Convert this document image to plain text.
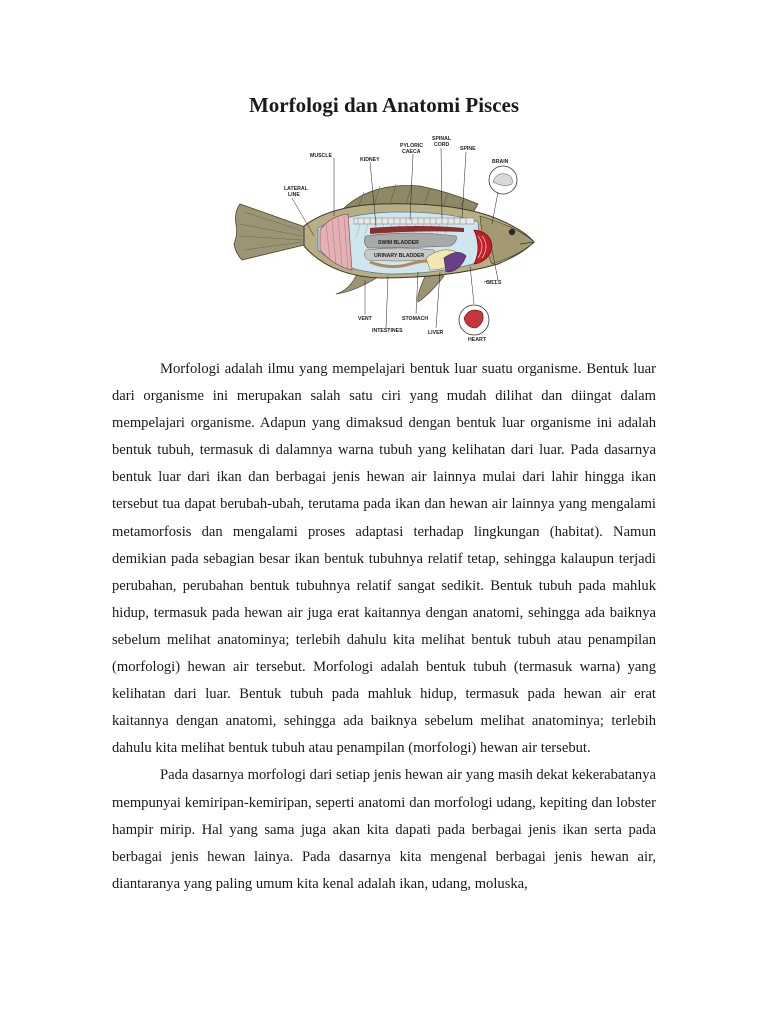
Morfologi dan Anatomi Pisces
SWIM BLADDER
URINARY BLADDER
MUSCLE
KIDNEY
PYLORIC
CAECA
SPINAL
CORD
SPINE
BRAIN
LATERAL
LINE
GILLS
VENT
INTESTINES
STOMACH
LIVER
HEART

Morfologi adalah ilmu yang mempelajari bentuk luar suatu organisme. Bentuk luar dari organisme ini merupakan salah satu ciri yang mudah dilihat dan diingat dalam mempelajari organisme. Adapun yang dimaksud dengan bentuk luar organisme ini adalah bentuk tubuh, termasuk di dalamnya warna tubuh yang kelihatan dari luar. Pada dasarnya bentuk luar dari ikan dan berbagai jenis hewan air lainnya mulai dari lahir hingga ikan tersebut tua dapat berubah-ubah, terutama pada ikan dan hewan air lainnya yang mengalami metamorfosis dan mengalami proses adaptasi terhadap lingkungan (habitat). Namun demikian pada sebagian besar ikan bentuk tubuhnya relatif tetap, sehingga kalaupun terjadi perubahan, perubahan bentuk tubuhnya relatif sangat sedikit. Bentuk tubuh pada mahluk hidup, termasuk pada hewan air juga erat kaitannya dengan anatomi, sehingga ada baiknya sebelum melihat anatominya; terlebih dahulu kita melihat bentuk tubuh atau penampilan (morfologi) hewan air tersebut. Morfologi adalah bentuk tubuh (termasuk warna) yang kelihatan dari luar. Bentuk tubuh pada mahluk hidup, termasuk pada hewan air erat kaitannya dengan anatomi, sehingga ada baiknya sebelum melihat anatominya; terlebih dahulu kita melihat bentuk tubuh atau penampilan (morfologi) hewan air tersebut.

Pada dasarnya morfologi dari setiap jenis hewan air yang masih dekat kekerabatanya mempunyai kemiripan-kemiripan, seperti anatomi dan morfologi udang, kepiting dan lobster hampir mirip. Hal yang sama juga akan kita dapati pada berbagai jenis ikan serta pada berbagai jenis hewan lainya. Pada dasarnya kita mengenal berbagai jenis hewan air, diantaranya yang paling umum kita kenal adalah ikan, udang, moluska,
